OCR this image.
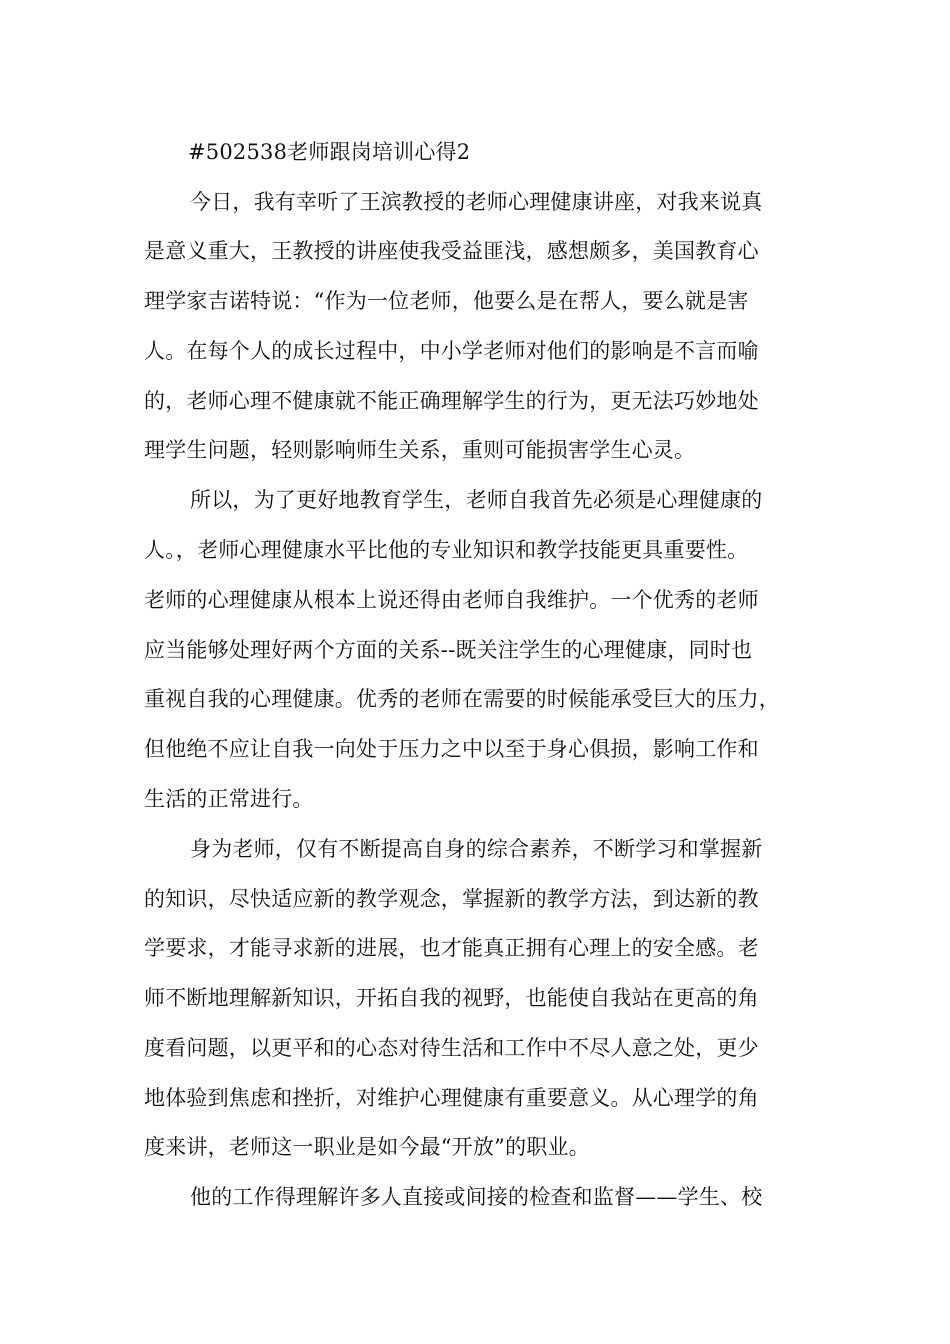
#502538老师跟岗培训心得2

今日，我有幸听了王滨教授的老师心理健康讲座，对我来说真

是意义重大，王教授的讲座使我受益匪浅，感想颇多，美国教育心

理学家吉诺特说：“作为一位老师，他要么是在帮人，要么就是害

人。在每个人的成长过程中，中小学老师对他们的影响是不言而喻

的，老师心理不健康就不能正确理解学生的行为，更无法巧妙地处

理学生问题，轻则影响师生关系，重则可能损害学生心灵。

所以，为了更好地教育学生，老师自我首先必须是心理健康的

人。，老师心理健康水平比他的专业知识和教学技能更具重要性。

老师的心理健康从根本上说还得由老师自我维护。一个优秀的老师

应当能够处理好两个方面的关系--既关注学生的心理健康，同时也

重视自我的心理健康。优秀的老师在需要的时候能承受巨大的压力，

但他绝不应让自我一向处于压力之中以至于身心俱损，影响工作和

生活的正常进行。

身为老师，仅有不断提高自身的综合素养，不断学习和掌握新

的知识，尽快适应新的教学观念，掌握新的教学方法，到达新的教

学要求，才能寻求新的进展，也才能真正拥有心理上的安全感。老

师不断地理解新知识，开拓自我的视野，也能使自我站在更高的角

度看问题，以更平和的心态对待生活和工作中不尽人意之处，更少

地体验到焦虑和挫折，对维护心理健康有重要意义。从心理学的角

度来讲，老师这一职业是如今最“开放”的职业。

他的工作得理解许多人直接或间接的检查和监督——学生、校
